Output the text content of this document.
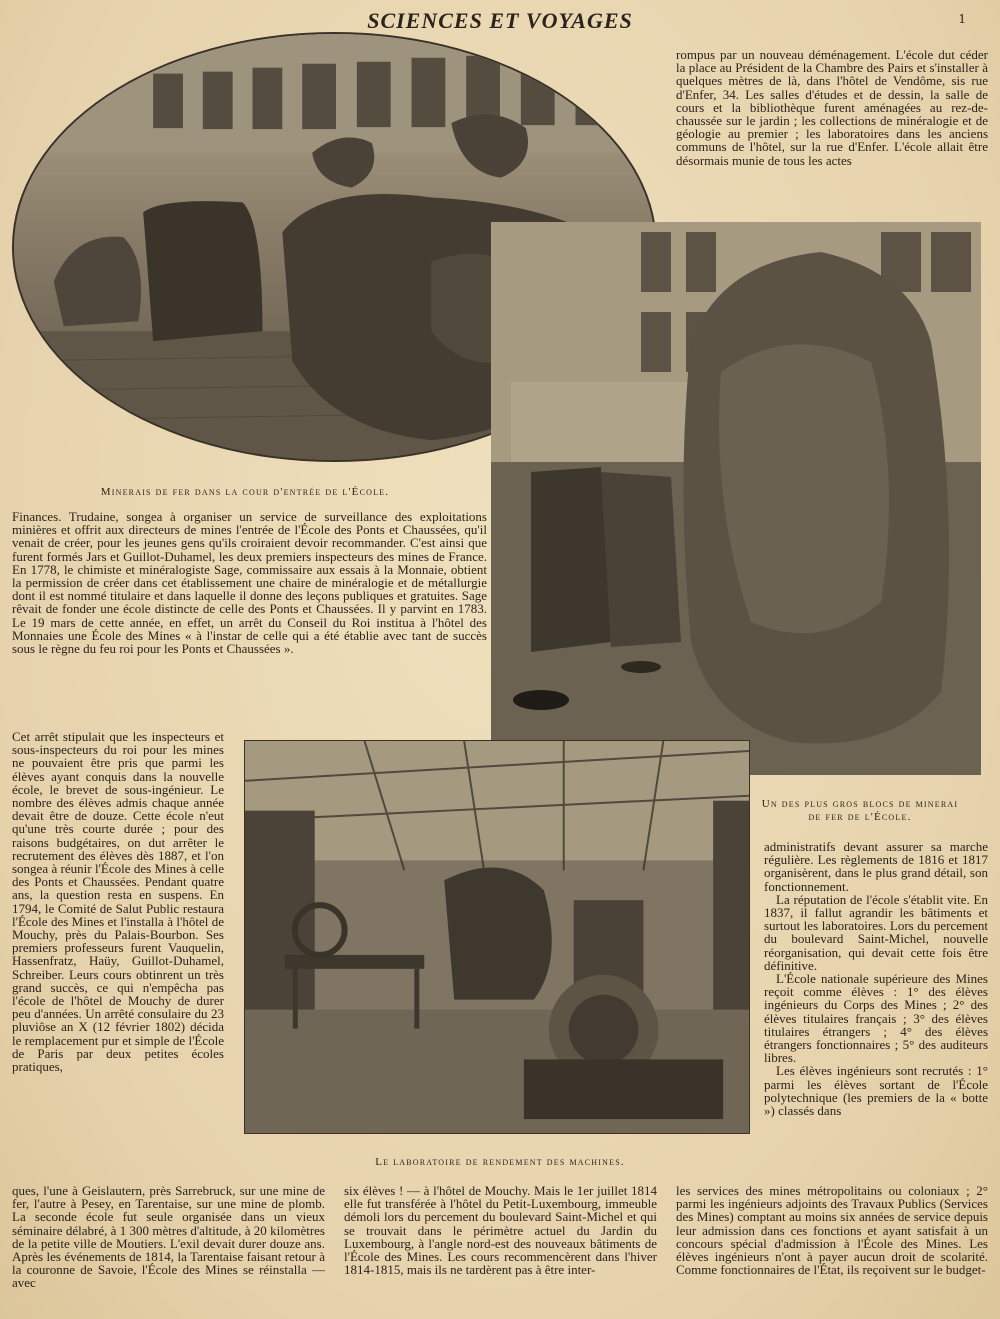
SCIENCES ET VOYAGES	1

rompus par un nouveau déménagement. L'école dut céder la place au Président de la Chambre des Pairs et s'installer à quelques mètres de là, dans l'hôtel de Vendôme, sis rue d'Enfer, 34. Les salles d'études et de dessin, la salle de cours et la bibliothèque furent aménagées au rez-de-chaussée sur le jardin ; les collections de minéralogie et de géologie au premier ; les laboratoires dans les anciens communs de l'hôtel, sur la rue d'Enfer. L'école allait être désormais munie de tous les actes

Minerais de fer dans la cour d'entrée de l'École.

Finances. Trudaine, songea à organiser un service de surveillance des exploitations minières et offrit aux directeurs de mines l'entrée de l'École des Ponts et Chaussées, qu'il venait de créer, pour les jeunes gens qu'ils croiraient devoir recommander. C'est ainsi que furent formés Jars et Guillot-Duhamel, les deux premiers inspecteurs des mines de France. En 1778, le chimiste et minéralogiste Sage, commissaire aux essais à la Monnaie, obtient la permission de créer dans cet établissement une chaire de minéralogie et de métallurgie dont il est nommé titulaire et dans laquelle il donne des leçons publiques et gratuites. Sage rêvait de fonder une école distincte de celle des Ponts et Chaussées. Il y parvint en 1783. Le 19 mars de cette année, en effet, un arrêt du Conseil du Roi institua à l'hôtel des Monnaies une École des Mines « à l'instar de celle qui a été établie avec tant de succès sous le règne du feu roi pour les Ponts et Chaussées ».

Cet arrêt stipulait que les inspecteurs et sous-inspecteurs du roi pour les mines ne pouvaient être pris que parmi les élèves ayant conquis dans la nouvelle école, le brevet de sous-ingénieur. Le nombre des élèves admis chaque année devait être de douze. Cette école n'eut qu'une très courte durée ; pour des raisons budgétaires, on dut arrêter le recrutement des élèves dès 1887, et l'on songea à réunir l'École des Mines à celle des Ponts et Chaussées. Pendant quatre ans, la question resta en suspens. En 1794, le Comité de Salut Public restaura l'École des Mines et l'installa à l'hôtel de Mouchy, près du Palais-Bourbon. Ses premiers professeurs furent Vauquelin, Hassenfratz, Haüy, Guillot-Duhamel, Schreiber. Leurs cours obtinrent un très grand succès, ce qui n'empêcha pas l'école de l'hôtel de Mouchy de durer peu d'années. Un arrêté consulaire du 23 pluviôse an X (12 février 1802) décida le remplacement pur et simple de l'École de Paris par deux petites écoles pratiques,

Un des plus gros blocs de minerai de fer de l'École.

administratifs devant assurer sa marche régulière. Les règlements de 1816 et 1817 organisèrent, dans le plus grand détail, son fonctionnement.

La réputation de l'école s'établit vite. En 1837, il fallut agrandir les bâtiments et surtout les laboratoires. Lors du percement du boulevard Saint-Michel, nouvelle réorganisation, qui devait cette fois être définitive.

L'École nationale supérieure des Mines reçoit comme élèves : 1° des élèves ingénieurs du Corps des Mines ; 2° des élèves titulaires français ; 3° des élèves titulaires étrangers ; 4° des élèves étrangers fonctionnaires ; 5° des auditeurs libres.

Les élèves ingénieurs sont recrutés : 1° parmi les élèves sortant de l'École polytechnique (les premiers de la « botte ») classés dans

Le laboratoire de rendement des machines.

ques, l'une à Geislautern, près Sarrebruck, sur une mine de fer, l'autre à Pesey, en Tarentaise, sur une mine de plomb. La seconde école fut seule organisée dans un vieux séminaire délabré, à 1 300 mètres d'altitude, à 20 kilomètres de la petite ville de Moutiers. L'exil devait durer douze ans. Après les événements de 1814, la Tarentaise faisant retour à la couronne de Savoie, l'École des Mines se réinstalla — avec

six élèves ! — à l'hôtel de Mouchy. Mais le 1er juillet 1814 elle fut transférée à l'hôtel du Petit-Luxembourg, immeuble démoli lors du percement du boulevard Saint-Michel et qui se trouvait dans le périmètre actuel du Jardin du Luxembourg, à l'angle nord-est des nouveaux bâtiments de l'École des Mines. Les cours recommencèrent dans l'hiver 1814-1815, mais ils ne tardèrent pas à être inter-

les services des mines métropolitains ou coloniaux ; 2° parmi les ingénieurs adjoints des Travaux Publics (Services des Mines) comptant au moins six années de service depuis leur admission dans ces fonctions et ayant satisfait à un concours spécial d'admission à l'École des Mines. Les élèves ingénieurs n'ont à payer aucun droit de scolarité. Comme fonctionnaires de l'État, ils reçoivent sur le budget-
